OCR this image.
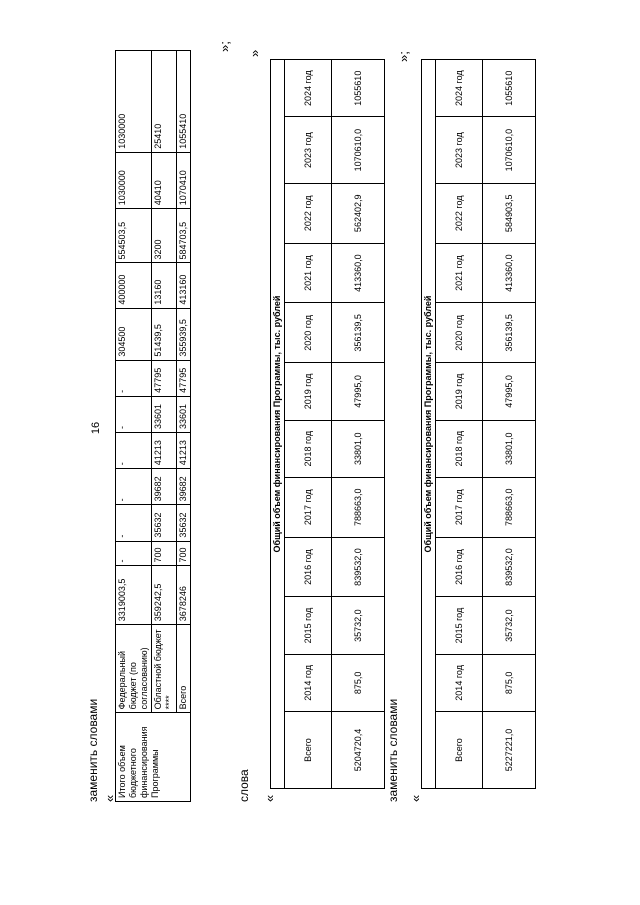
16
заменить словами «
Итого объем бюджетного финансирования Программы	Федеральный бюджет (по согласованию)	3319003,5	-	-	-	-	-	-	304500	400000	554503,5	1030000	1030000
	Областной бюджет ****	359242,5	700	35632	39682	41213	33601	47795	51439,5	13160	3200	40410	25410
	Всего	3678246	700	35632	39682	41213	33601	47795	355939,5	413160	584703,5	1070410	1055410
»;
слова «
Общий объем финансирования Программы, тыс. рублей											
Всего	2014 год	2015 год	2016 год	2017 год	2018 год	2019 год	2020 год	2021 год	2022 год	2023 год	2024 год
5204720,4	875,0	35732,0	839532,0	788663,0	33801,0	47995,0	356139,5	413360,0	562402,9	1070610,0	1055610
»
заменить словами «
Общий объем финансирования Программы, тыс. рублей											
Всего	2014 год	2015 год	2016 год	2017 год	2018 год	2019 год	2020 год	2021 год	2022 год	2023 год	2024 год
5227221,0	875,0	35732,0	839532,0	788663,0	33801,0	47995,0	356139,5	413360,0	584903,5	1070610,0	1055610
»;
